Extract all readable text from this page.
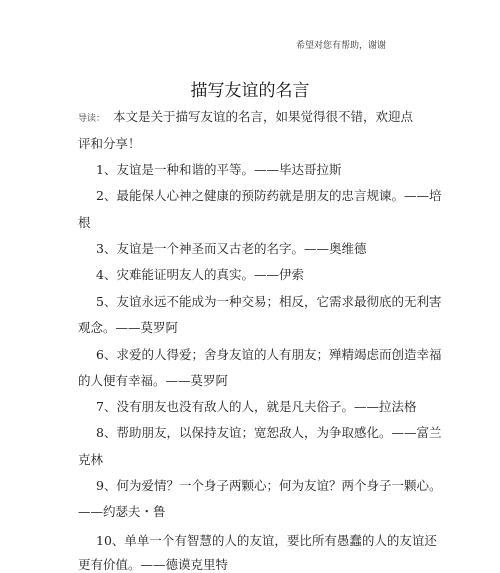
希望对您有帮助，谢谢
描写友谊的名言
导读： 本文是关于描写友谊的名言，如果觉得很不错，欢迎点
评和分享！
1、友谊是一种和谐的平等。——毕达哥拉斯
2、最能保人心神之健康的预防药就是朋友的忠言规谏。——培
根
3、友谊是一个神圣而又古老的名字。——奥维德
4、灾难能证明友人的真实。——伊索
5、友谊永远不能成为一种交易；相反，它需求最彻底的无利害
观念。——莫罗阿
6、求爱的人得爱；舍身友谊的人有朋友；殚精竭虑而创造幸福
的人便有幸福。——莫罗阿
7、没有朋友也没有敌人的人，就是凡夫俗子。——拉法格
8、帮助朋友，以保持友谊；宽恕敌人，为争取感化。——富兰
克林
9、何为爱情？一个身子两颗心；何为友谊？两个身子一颗心。
——约瑟夫・鲁
10、单单一个有智慧的人的友谊，要比所有愚蠢的人的友谊还
更有价值。——德谟克里特
